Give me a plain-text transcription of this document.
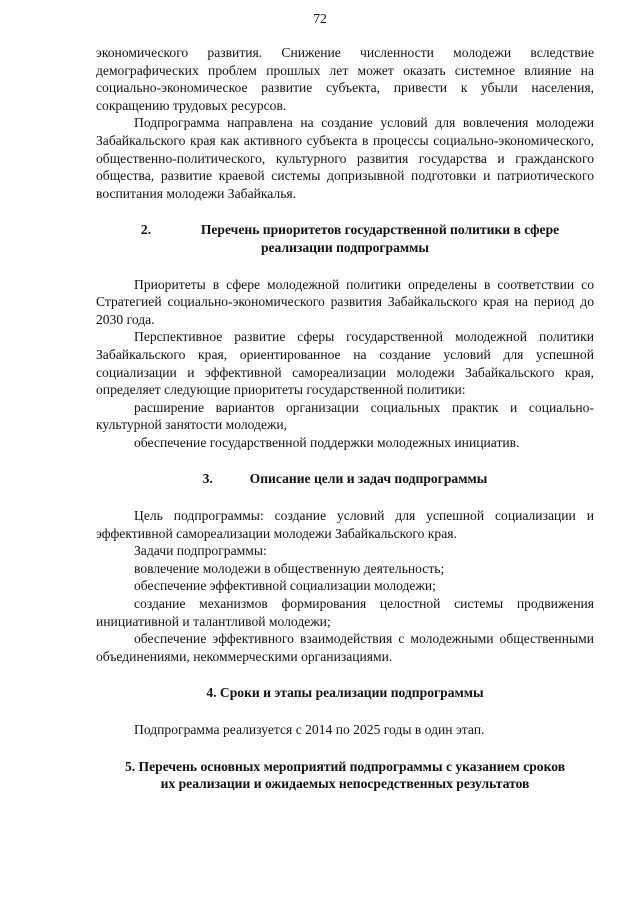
72

экономического развития. Снижение численности молодежи вследствие демографических проблем прошлых лет может оказать системное влияние на социально-экономическое развитие субъекта, привести к убыли населения, сокращению трудовых ресурсов.

Подпрограмма направлена на создание условий для вовлечения молодежи Забайкальского края как активного субъекта в процессы социально-экономического, общественно-политического, культурного развития государства и гражданского общества, развитие краевой системы допризывной подготовки и патриотического воспитания молодежи Забайкалья.

2.	Перечень приоритетов государственной политики в сфере
реализации подпрограммы

Приоритеты в сфере молодежной политики определены в соответствии со Стратегией социально-экономического развития Забайкальского края на период до 2030 года.

Перспективное развитие сферы государственной молодежной политики Забайкальского края, ориентированное на создание условий для успешной социализации и эффективной самореализации молодежи Забайкальского края, определяет следующие приоритеты государственной политики:

расширение вариантов организации социальных практик и социально-культурной занятости молодежи,

обеспечение государственной поддержки молодежных инициатив.

3.	Описание цели и задач подпрограммы

Цель подпрограммы: создание условий для успешной социализации и эффективной самореализации молодежи Забайкальского края.

Задачи подпрограммы:

вовлечение молодежи в общественную деятельность;

обеспечение эффективной социализации молодежи;

создание механизмов формирования целостной системы продвижения инициативной и талантливой молодежи;

обеспечение эффективного взаимодействия с молодежными общественными объединениями, некоммерческими организациями.

4. Сроки и этапы реализации подпрограммы

Подпрограмма реализуется с 2014 по 2025 годы в один этап.

5. Перечень основных мероприятий подпрограммы с указанием сроков
их реализации и ожидаемых непосредственных результатов
